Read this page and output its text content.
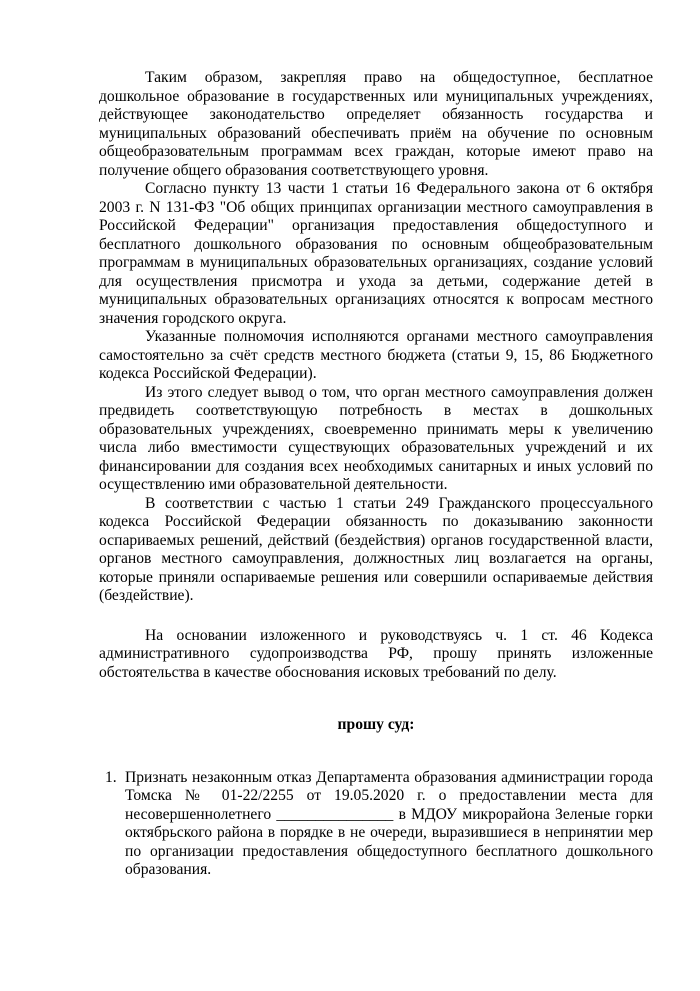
Таким образом, закрепляя право на общедоступное, бесплатное дошкольное образование в государственных или муниципальных учреждениях, действующее законодательство определяет обязанность государства и муниципальных образований обеспечивать приём на обучение по основным общеобразовательным программам всех граждан, которые имеют право на получение общего образования соответствующего уровня.

Согласно пункту 13 части 1 статьи 16 Федерального закона от 6 октября 2003 г. N 131-ФЗ "Об общих принципах организации местного самоуправления в Российской Федерации" организация предоставления общедоступного и бесплатного дошкольного образования по основным общеобразовательным программам в муниципальных образовательных организациях, создание условий для осуществления присмотра и ухода за детьми, содержание детей в муниципальных образовательных организациях относятся к вопросам местного значения городского округа.

Указанные полномочия исполняются органами местного самоуправления самостоятельно за счёт средств местного бюджета (статьи 9, 15, 86 Бюджетного кодекса Российской Федерации).

Из этого следует вывод о том, что орган местного самоуправления должен предвидеть соответствующую потребность в местах в дошкольных образовательных учреждениях, своевременно принимать меры к увеличению числа либо вместимости существующих образовательных учреждений и их финансировании для создания всех необходимых санитарных и иных условий по осуществлению ими образовательной деятельности.

В соответствии с частью 1 статьи 249 Гражданского процессуального кодекса Российской Федерации обязанность по доказыванию законности оспариваемых решений, действий (бездействия) органов государственной власти, органов местного самоуправления, должностных лиц возлагается на органы, которые приняли оспариваемые решения или совершили оспариваемые действия (бездействие).

На основании изложенного и руководствуясь ч. 1 ст. 46 Кодекса административного судопроизводства РФ, прошу принять изложенные обстоятельства в качестве обоснования исковых требований по делу.

прошу суд:

1. Признать незаконным отказ Департамента образования администрации города Томска № 01-22/2255 от 19.05.2020 г. о предоставлении места для несовершеннолетнего _______________ в МДОУ микрорайона Зеленые горки октябрьского района в порядке в не очереди, выразившиеся в непринятии мер по организации предоставления общедоступного бесплатного дошкольного образования.
